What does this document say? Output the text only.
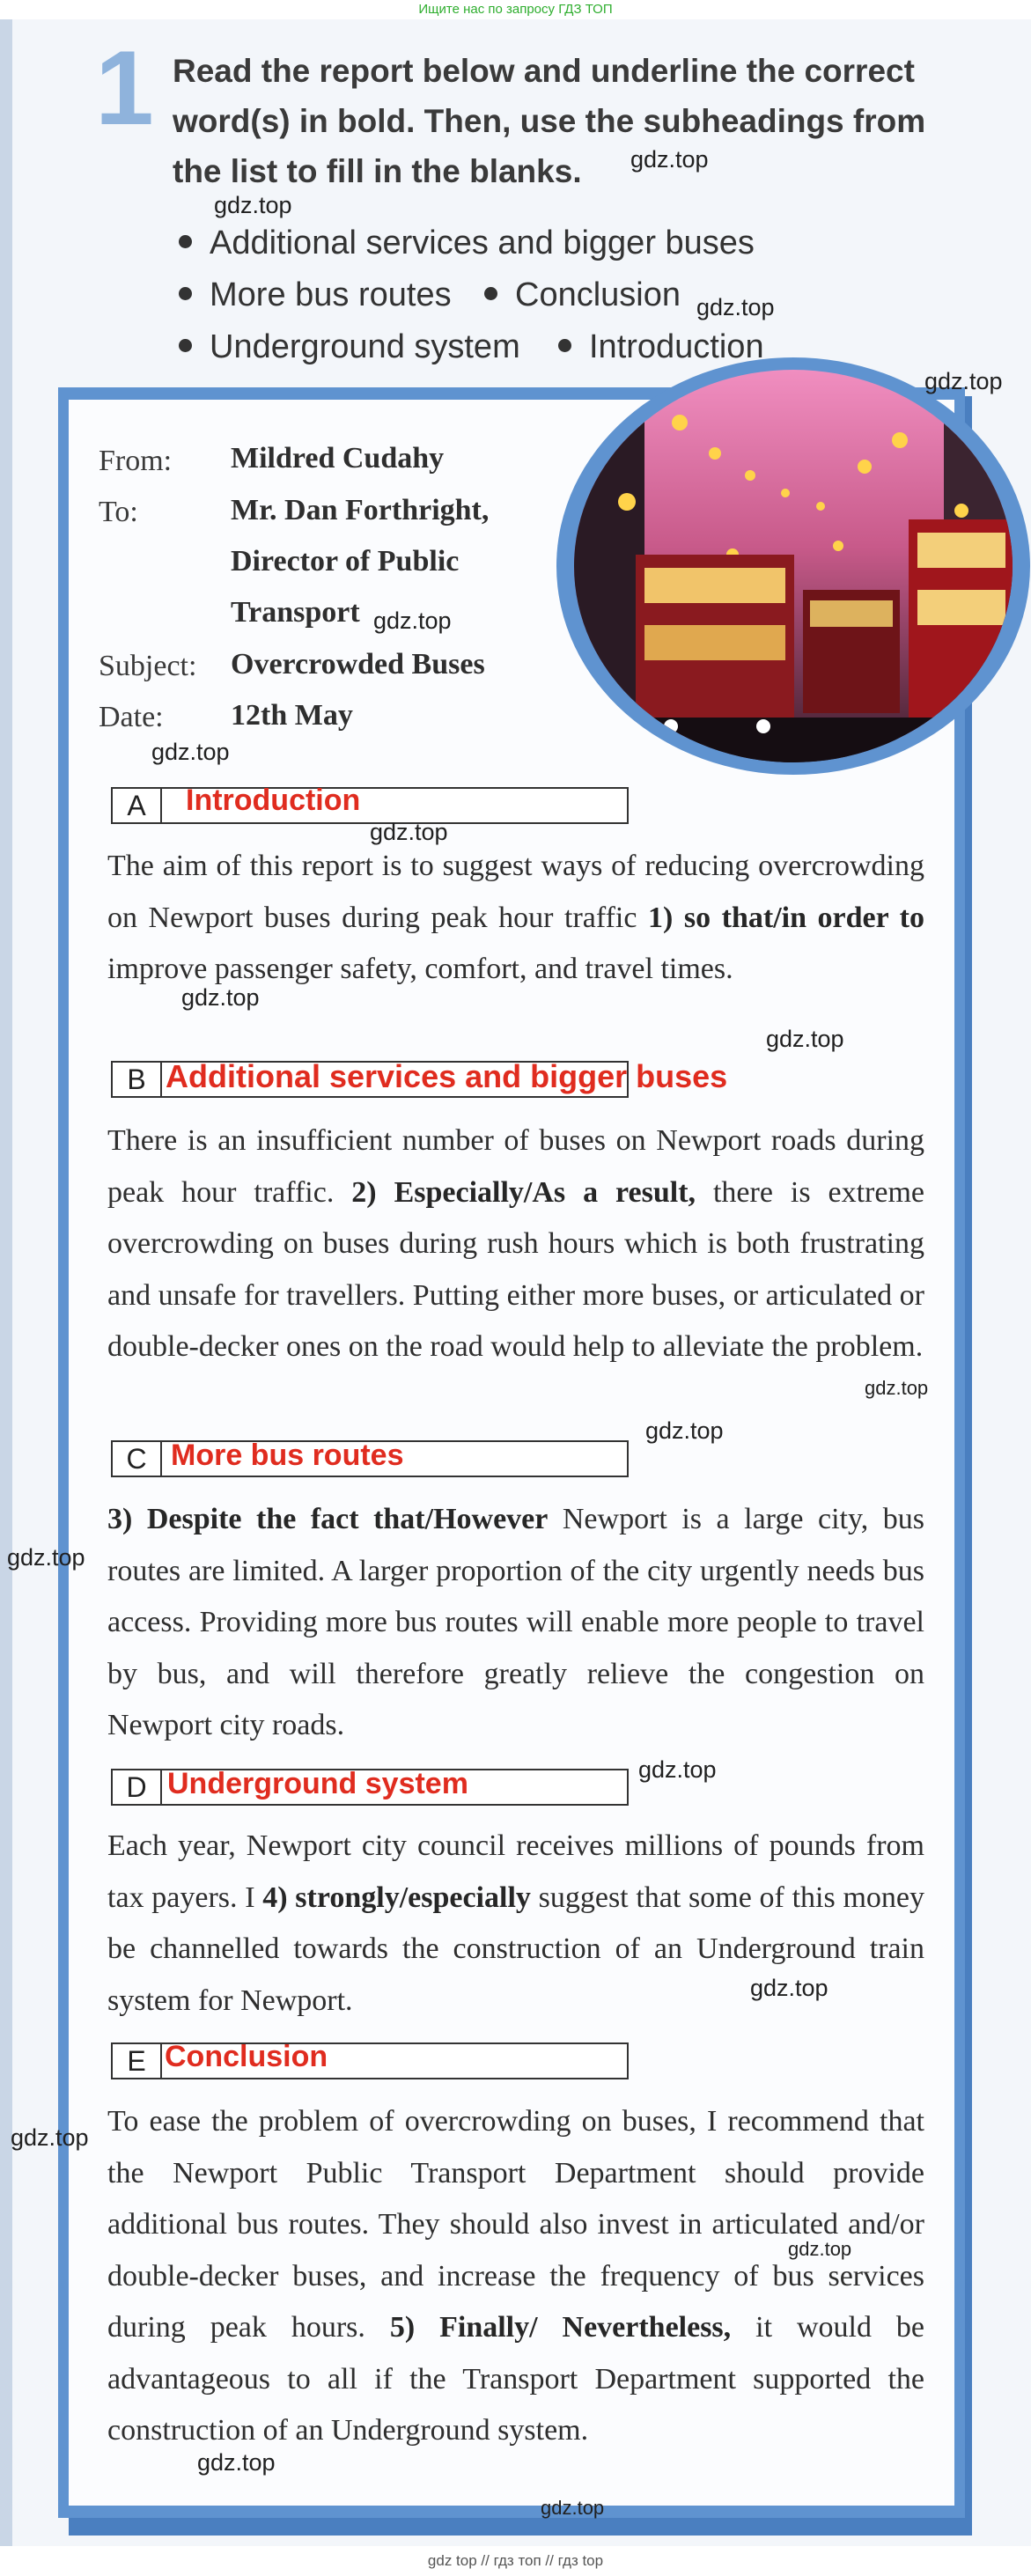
Ищите нас по запросу ГДЗ ТОП
1 Read the report below and underline the correct word(s) in bold. Then, use the subheadings from the list to fill in the blanks.
Additional services and bigger buses
More bus routes	Conclusion
Underground system	Introduction
From: Mildred Cudahy
To:	Mr. Dan Forthright,
Director of Public
Transport
Subject: Overcrowded Buses
Date: 12th May
A	Introduction
The aim of this report is to suggest ways of reducing overcrowding on Newport buses during peak hour traffic 1) so that/in order to improve passenger safety, comfort, and travel times.
B Additional services and bigger buses
There is an insufficient number of buses on Newport roads during peak hour traffic. 2) Especially/As a result, there is extreme overcrowding on buses during rush hours which is both frustrating and unsafe for travellers. Putting either more buses, or articulated or double-decker ones on the road would help to alleviate the problem.
C More bus routes
3) Despite the fact that/However Newport is a large city, bus routes are limited. A larger proportion of the city urgently needs bus access. Providing more bus routes will enable more people to travel by bus, and will therefore greatly relieve the congestion on Newport city roads.
D Underground system
Each year, Newport city council receives millions of pounds from tax payers. I 4) strongly/especially suggest that some of this money be channelled towards the construction of an Underground train system for Newport.
E Conclusion
To ease the problem of overcrowding on buses, I recommend that the Newport Public Transport Department should provide additional bus routes. They should also invest in articulated and/or double-decker buses, and increase the frequency of bus services during peak hours. 5) Finally/ Nevertheless, it would be advantageous to all if the Transport Department supported the construction of an Underground system.
gdz.top
gdz.top
gdz.top
gdz.top
gdz.top
gdz.top
gdz.top
gdz.top
gdz.top
gdz.top
gdz.top
gdz.top
gdz.top
gdz.top
gdz.top
gdz.top
gdz.top
gdz.top
gdz top // гдз топ // гдз top
